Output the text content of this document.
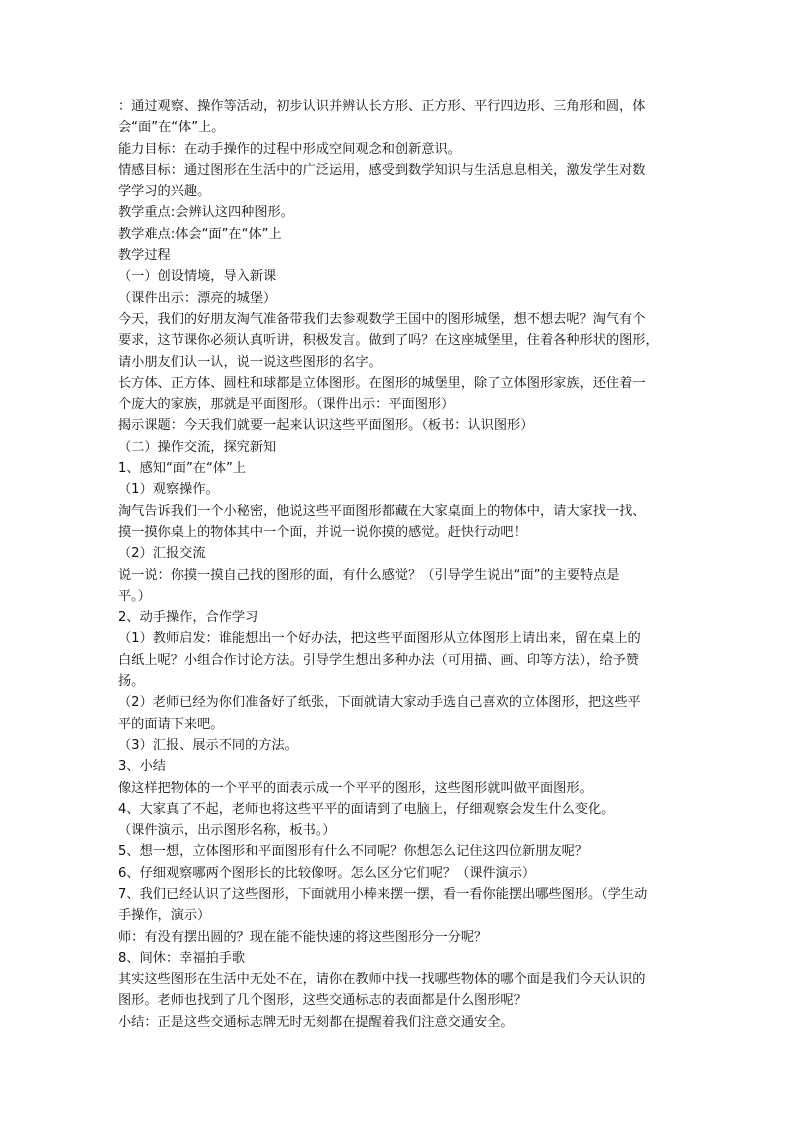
：通过观察、操作等活动，初步认识并辨认长方形、正方形、平行四边形、三角形和圆，体
会“面”在“体”上。
能力目标：在动手操作的过程中形成空间观念和创新意识。
情感目标：通过图形在生活中的广泛运用，感受到数学知识与生活息息相关，激发学生对数
学学习的兴趣。
教学重点:会辨认这四种图形。
教学难点:体会“面”在“体”上
教学过程
（一）创设情境，导入新课
（课件出示：漂亮的城堡）
今天，我们的好朋友淘气准备带我们去参观数学王国中的图形城堡，想不想去呢？淘气有个
要求，这节课你必须认真听讲，积极发言。做到了吗？在这座城堡里，住着各种形状的图形，
请小朋友们认一认，说一说这些图形的名字。
长方体、正方体、圆柱和球都是立体图形。在图形的城堡里，除了立体图形家族，还住着一
个庞大的家族，那就是平面图形。（课件出示：平面图形）
揭示课题：今天我们就要一起来认识这些平面图形。（板书：认识图形）
（二）操作交流，探究新知
1、感知“面”在“体”上
（1）观察操作。
淘气告诉我们一个小秘密，他说这些平面图形都藏在大家桌面上的物体中，请大家找一找、
摸一摸你桌上的物体其中一个面，并说一说你摸的感觉。赶快行动吧！
（2）汇报交流
说一说：你摸一摸自己找的图形的面，有什么感觉？（引导学生说出“面”的主要特点是
平。）
2、动手操作，合作学习
（1）教师启发：谁能想出一个好办法，把这些平面图形从立体图形上请出来，留在桌上的
白纸上呢？小组合作讨论方法。引导学生想出多种办法（可用描、画、印等方法），给予赞
扬。
（2）老师已经为你们准备好了纸张，下面就请大家动手选自己喜欢的立体图形，把这些平
平的面请下来吧。
（3）汇报、展示不同的方法。
3、小结
像这样把物体的一个平平的面表示成一个平平的图形，这些图形就叫做平面图形。
4、大家真了不起，老师也将这些平平的面请到了电脑上，仔细观察会发生什么变化。
（课件演示，出示图形名称，板书。）
5、想一想，立体图形和平面图形有什么不同呢？你想怎么记住这四位新朋友呢？
6、仔细观察哪两个图形长的比较像呀。怎么区分它们呢？（课件演示）
7、我们已经认识了这些图形，下面就用小棒来摆一摆，看一看你能摆出哪些图形。（学生动
手操作，演示）
师：有没有摆出圆的？现在能不能快速的将这些图形分一分呢？
8、间休：幸福拍手歌
其实这些图形在生活中无处不在，请你在教师中找一找哪些物体的哪个面是我们今天认识的
图形。老师也找到了几个图形，这些交通标志的表面都是什么图形呢？
小结：正是这些交通标志牌无时无刻都在提醒着我们注意交通安全。
